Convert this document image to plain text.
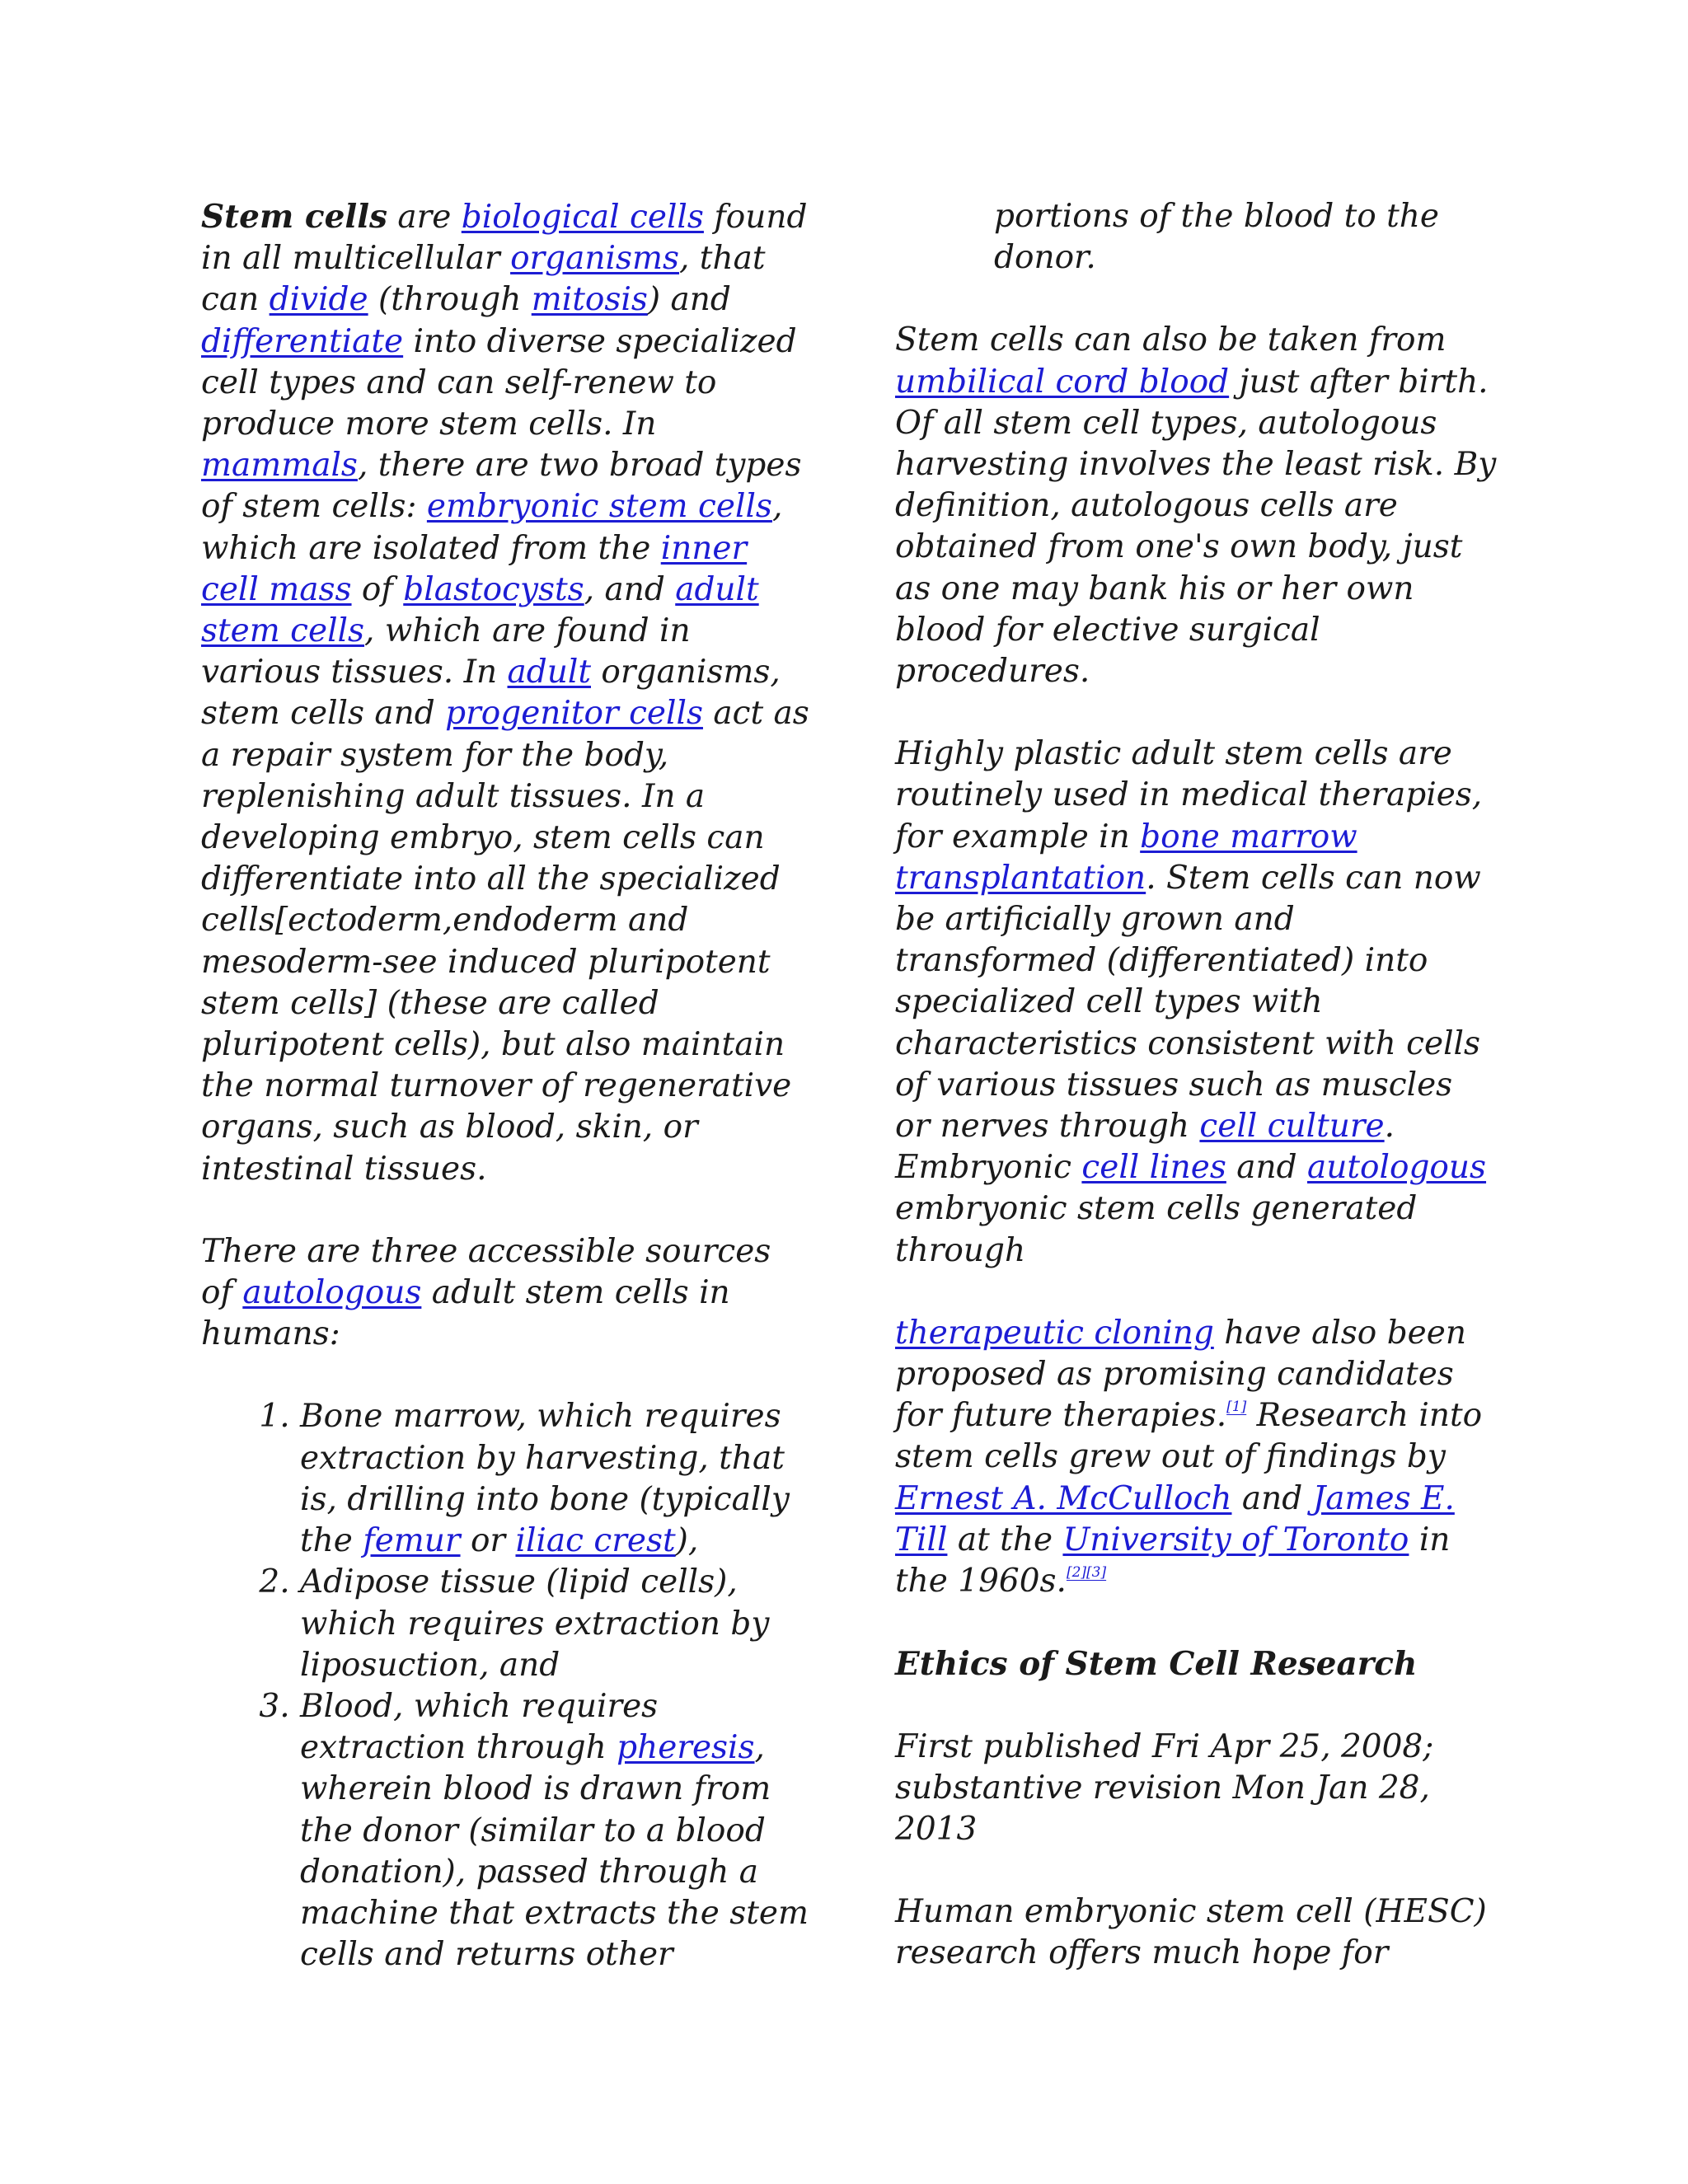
Stem cells are biological cells found in all multicellular organisms, that can divide (through mitosis) and differentiate into diverse specialized cell types and can self-renew to produce more stem cells. In mammals, there are two broad types of stem cells: embryonic stem cells, which are isolated from the inner cell mass of blastocysts, and adult stem cells, which are found in various tissues. In adult organisms, stem cells and progenitor cells act as a repair system for the body, replenishing adult tissues. In a developing embryo, stem cells can differentiate into all the specialized cells[ectoderm,endoderm and mesoderm-see induced pluripotent stem cells] (these are called pluripotent cells), but also maintain the normal turnover of regenerative organs, such as blood, skin, or intestinal tissues.

There are three accessible sources of autologous adult stem cells in humans:

1. Bone marrow, which requires extraction by harvesting, that is, drilling into bone (typically the femur or iliac crest),
2. Adipose tissue (lipid cells), which requires extraction by liposuction, and
3. Blood, which requires extraction through pheresis, wherein blood is drawn from the donor (similar to a blood donation), passed through a machine that extracts the stem cells and returns other

portions of the blood to the donor.

Stem cells can also be taken from umbilical cord blood just after birth. Of all stem cell types, autologous harvesting involves the least risk. By definition, autologous cells are obtained from one's own body, just as one may bank his or her own blood for elective surgical procedures.

Highly plastic adult stem cells are routinely used in medical therapies, for example in bone marrow transplantation. Stem cells can now be artificially grown and transformed (differentiated) into specialized cell types with characteristics consistent with cells of various tissues such as muscles or nerves through cell culture. Embryonic cell lines and autologous embryonic stem cells generated through

therapeutic cloning have also been proposed as promising candidates for future therapies.[1] Research into stem cells grew out of findings by Ernest A. McCulloch and James E. Till at the University of Toronto in the 1960s.[2][3]

Ethics of Stem Cell Research

First published Fri Apr 25, 2008; substantive revision Mon Jan 28, 2013

Human embryonic stem cell (HESC) research offers much hope for
